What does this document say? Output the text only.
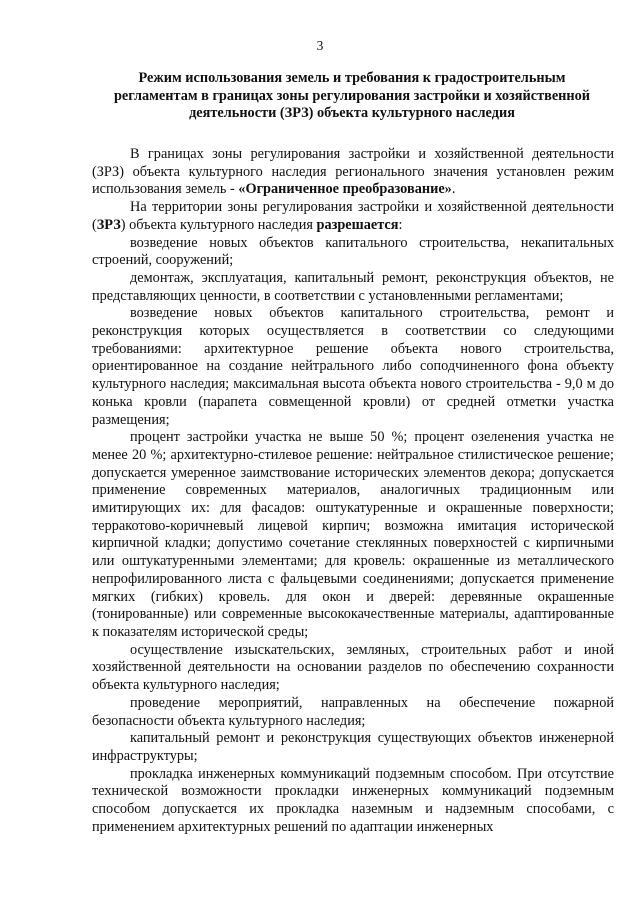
3
Режим использования земель и требования к градостроительным
регламентам в границах зоны регулирования застройки и хозяйственной
деятельности (ЗРЗ) объекта культурного наследия

В границах зоны регулирования застройки и хозяйственной деятельности (ЗРЗ) объекта культурного наследия регионального значения установлен режим использования земель - «Ограниченное преобразование».

На территории зоны регулирования застройки и хозяйственной деятельности (ЗРЗ) объекта культурного наследия разрешается:

возведение новых объектов капитального строительства, некапитальных строений, сооружений;

демонтаж, эксплуатация, капитальный ремонт, реконструкция объектов, не представляющих ценности, в соответствии с установленными регламентами;

возведение новых объектов капитального строительства, ремонт и реконструкция которых осуществляется в соответствии со следующими требованиями: архитектурное решение объекта нового строительства, ориентированное на создание нейтрального либо соподчиненного фона объекту культурного наследия; максимальная высота объекта нового строительства - 9,0 м до конька кровли (парапета совмещенной кровли) от средней отметки участка размещения;

процент застройки участка не выше 50 %; процент озеленения участка не менее 20 %; архитектурно-стилевое решение: нейтральное стилистическое решение; допускается умеренное заимствование исторических элементов декора; допускается применение современных материалов, аналогичных традиционным или имитирующих их: для фасадов: оштукатуренные и окрашенные поверхности; терракотово-коричневый лицевой кирпич; возможна имитация исторической кирпичной кладки; допустимо сочетание стеклянных поверхностей с кирпичными или оштукатуренными элементами; для кровель: окрашенные из металлического непрофилированного листа с фальцевыми соединениями; допускается применение мягких (гибких) кровель. для окон и дверей: деревянные окрашенные (тонированные) или современные высококачественные материалы, адаптированные к показателям исторической среды;

осуществление изыскательских, земляных, строительных работ и иной хозяйственной деятельности на основании разделов по обеспечению сохранности объекта культурного наследия;

проведение мероприятий, направленных на обеспечение пожарной безопасности объекта культурного наследия;

капитальный ремонт и реконструкция существующих объектов инженерной инфраструктуры;

прокладка инженерных коммуникаций подземным способом. При отсутствие технической возможности прокладки инженерных коммуникаций подземным способом допускается их прокладка наземным и надземным способами, с применением архитектурных решений по адаптации инженерных
